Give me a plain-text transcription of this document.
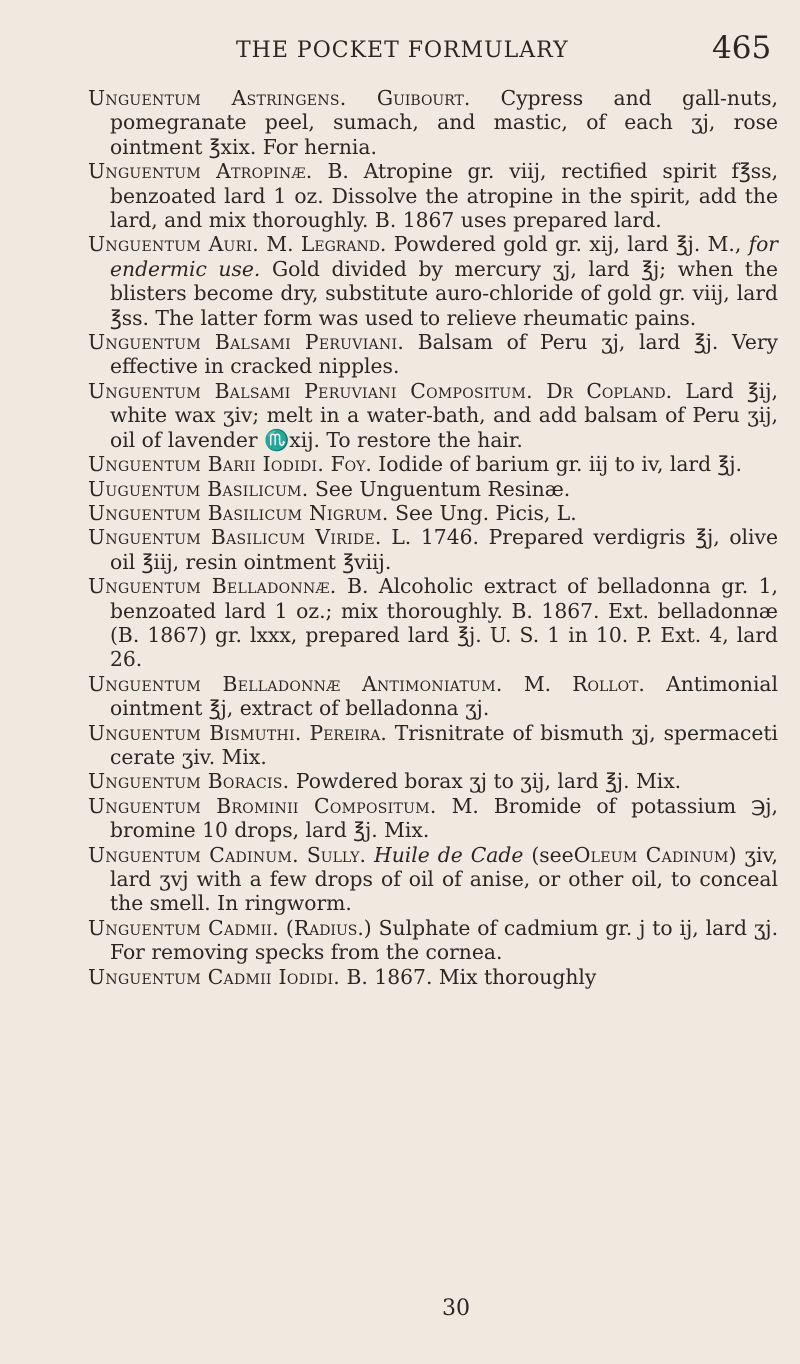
THE POCKET FORMULARY	465

Unguentum Astringens. Guibourt. Cypress and gall-nuts, pomegranate peel, sumach, and mastic, of each ʒj, rose ointment ℥xix. For hernia.

Unguentum Atropinæ. B. Atropine gr. viij, rectified spirit f℥ss, benzoated lard 1 oz. Dissolve the atropine in the spirit, add the lard, and mix thoroughly. B. 1867 uses prepared lard.

Unguentum Auri. M. Legrand. Powdered gold gr. xij, lard ℥j. M., for endermic use. Gold divided by mercury ʒj, lard ℥j; when the blisters become dry, substitute auro-chloride of gold gr. viij, lard ℥ss. The latter form was used to relieve rheumatic pains.

Unguentum Balsami Peruviani. Balsam of Peru ʒj, lard ℥j. Very effective in cracked nipples.

Unguentum Balsami Peruviani Compositum. Dr Copland. Lard ℥ij, white wax ʒiv; melt in a water-bath, and add balsam of Peru ʒij, oil of lavender ♏xij. To restore the hair.

Unguentum Barii Iodidi. Foy. Iodide of barium gr. iij to iv, lard ℥j.

Uuguentum Basilicum. See Unguentum Resinæ.

Unguentum Basilicum Nigrum. See Ung. Picis, L.

Unguentum Basilicum Viride. L. 1746. Prepared verdigris ℥j, olive oil ℥iij, resin ointment ℥viij.

Unguentum Belladonnæ. B. Alcoholic extract of belladonna gr. 1, benzoated lard 1 oz.; mix thoroughly. B. 1867. Ext. belladonnæ (B. 1867) gr. lxxx, prepared lard ℥j. U. S. 1 in 10. P. Ext. 4, lard 26.

Unguentum Belladonnæ Antimoniatum. M. Rollot. Antimonial ointment ℥j, extract of belladonna ʒj.

Unguentum Bismuthi. Pereira. Trisnitrate of bismuth ʒj, spermaceti cerate ʒiv. Mix.

Unguentum Boracis. Powdered borax ʒj to ʒij, lard ℥j. Mix.

Unguentum Brominii Compositum. M. Bromide of potassium ℈j, bromine 10 drops, lard ℥j. Mix.

Unguentum Cadinum. Sully. Huile de Cade (seeOleum Cadinum) ʒiv, lard ʒvj with a few drops of oil of anise, or other oil, to conceal the smell. In ringworm.

Unguentum Cadmii. (Radius.) Sulphate of cadmium gr. j to ij, lard ʒj. For removing specks from the cornea.

Unguentum Cadmii Iodidi. B. 1867. Mix thoroughly

30
